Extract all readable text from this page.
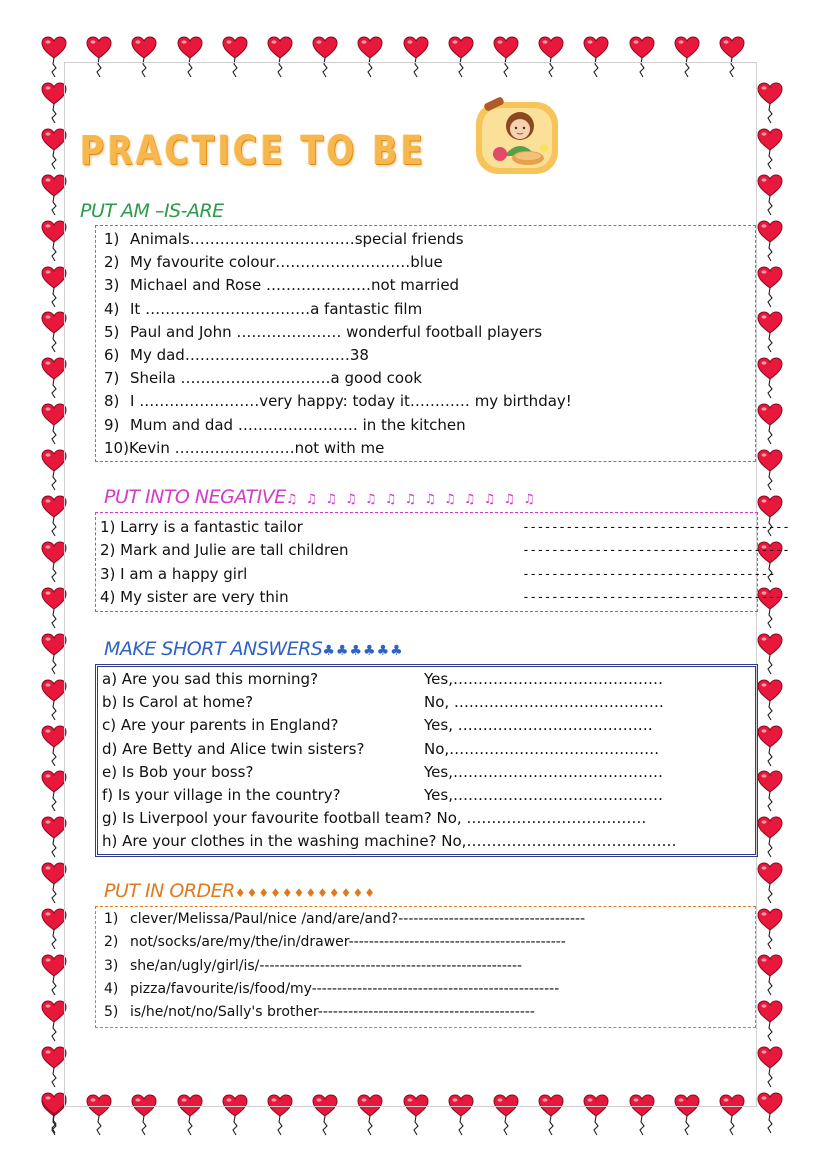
PRACTICE TO BE
PUT AM –IS-ARE
1) Animals……………………………special friends
2) My favourite colour………………………blue
3) Michael and Rose …………………not married
4) It ……………………………a fantastic film
5) Paul and John ………………… wonderful football players
6) My dad……………………………38
7) Sheila …………………………a good cook
8) I ……………………very happy: today it………… my birthday!
9) Mum and dad …………………… in the kitchen
10)Kevin ……………………not with me
PUT INTO NEGATIVE♫ ♫ ♫ ♫ ♫ ♫ ♫ ♫ ♫ ♫ ♫ ♫ ♫
1) Larry is a fantastic tailor	-------------------------------------
2) Mark and Julie are tall children	-------------------------------------
3) I am a happy girl	-----------------------------------
4) My sister are very thin	-------------------------------------
MAKE SHORT ANSWERS♣♣♣♣♣♣
a) Are you sad this morning?	Yes,……………………………………
b) Is Carol at home?	No, ……………………………………
c) Are your parents in England?	Yes, …………………………………
d) Are Betty and Alice twin sisters?	No,……………………………………
e) Is Bob your boss?	Yes,……………………………………
f) Is your village in the country?	Yes,……………………………………
g) Is Liverpool your favourite football team? No, ………………………………
h) Are your clothes in the washing machine? No,……………………………………
PUT IN ORDER♦♦♦♦♦♦♦♦♦♦♦♦
1) clever/Melissa/Paul/nice /and/are/and?-------------------------------------
2) not/socks/are/my/the/in/drawer-------------------------------------------
3) she/an/ugly/girl/is/----------------------------------------------------
4) pizza/favourite/is/food/my-------------------------------------------------
5) is/he/not/no/Sally's brother-------------------------------------------
